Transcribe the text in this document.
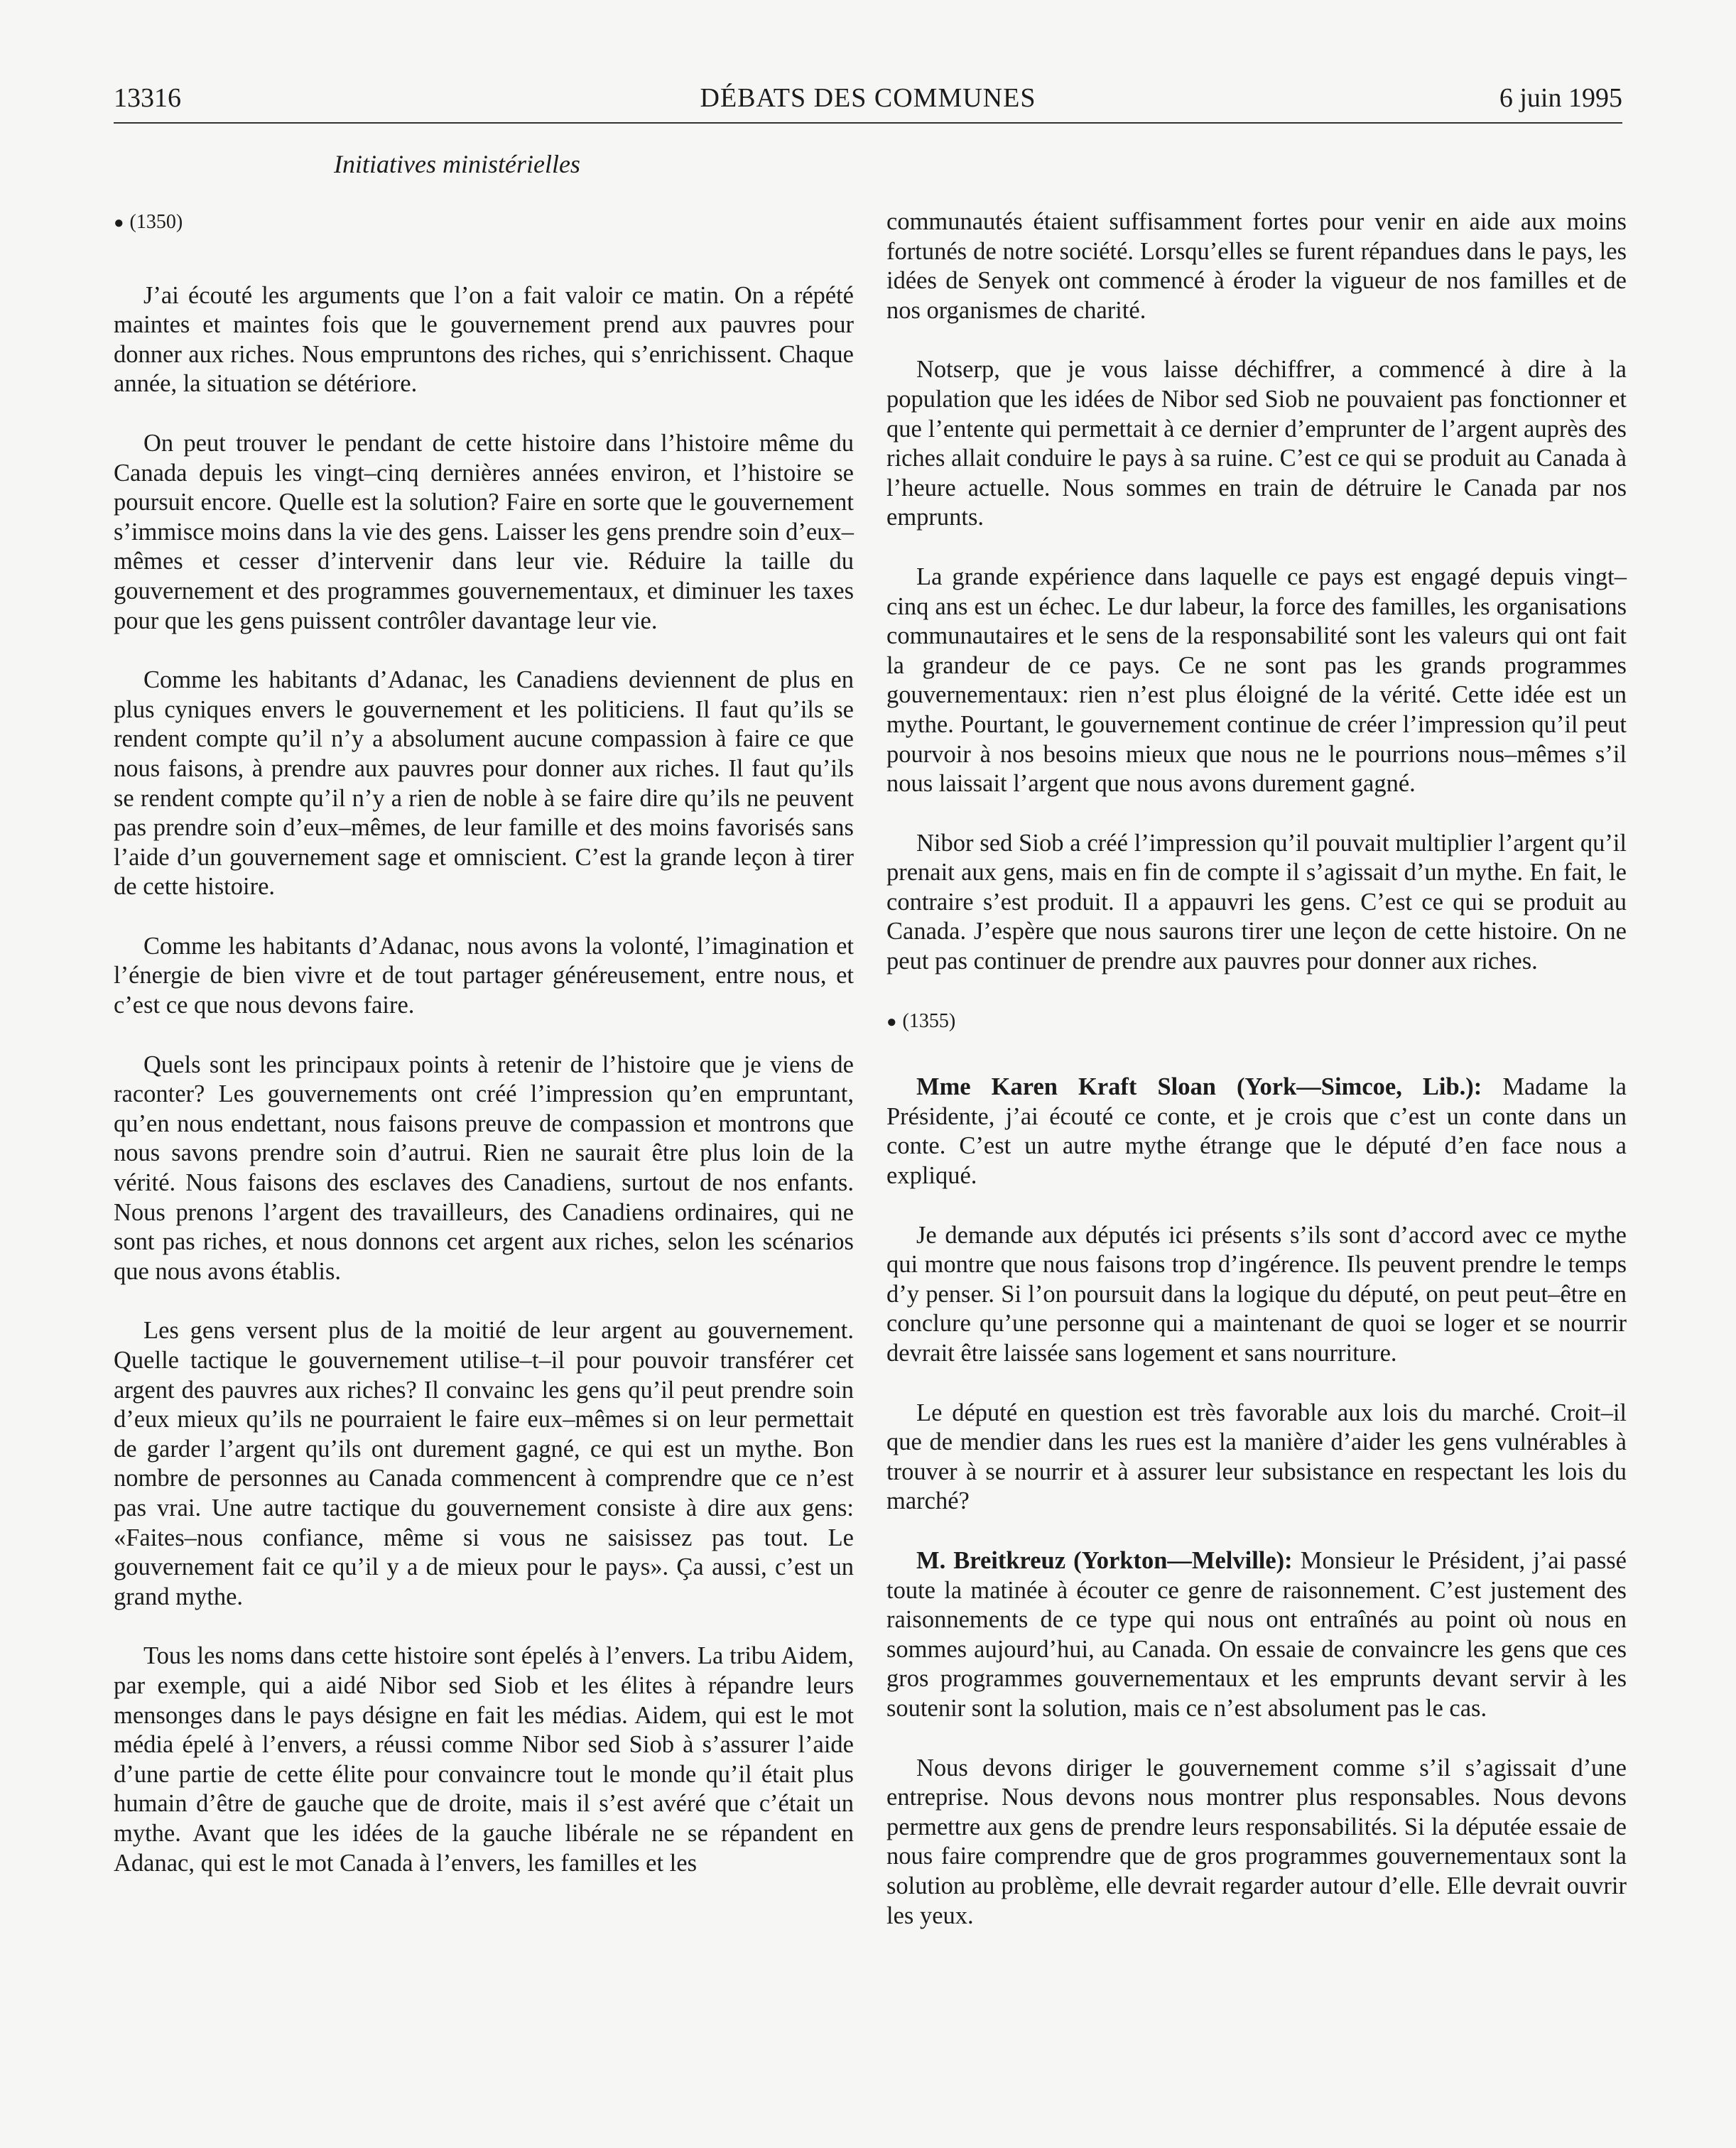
13316	DÉBATS DES COMMUNES	6 juin 1995
Initiatives ministérielles
● (1350)

J’ai écouté les arguments que l’on a fait valoir ce matin. On a répété maintes et maintes fois que le gouvernement prend aux pauvres pour donner aux riches. Nous empruntons des riches, qui s’enrichissent. Chaque année, la situation se détériore.

On peut trouver le pendant de cette histoire dans l’histoire même du Canada depuis les vingt–cinq dernières années environ, et l’histoire se poursuit encore. Quelle est la solution? Faire en sorte que le gouvernement s’immisce moins dans la vie des gens. Laisser les gens prendre soin d’eux–mêmes et cesser d’intervenir dans leur vie. Réduire la taille du gouvernement et des programmes gouvernementaux, et diminuer les taxes pour que les gens puissent contrôler davantage leur vie.

Comme les habitants d’Adanac, les Canadiens deviennent de plus en plus cyniques envers le gouvernement et les politiciens. Il faut qu’ils se rendent compte qu’il n’y a absolument aucune compassion à faire ce que nous faisons, à prendre aux pauvres pour donner aux riches. Il faut qu’ils se rendent compte qu’il n’y a rien de noble à se faire dire qu’ils ne peuvent pas prendre soin d’eux–mêmes, de leur famille et des moins favorisés sans l’aide d’un gouvernement sage et omniscient. C’est la grande leçon à tirer de cette histoire.

Comme les habitants d’Adanac, nous avons la volonté, l’imagination et l’énergie de bien vivre et de tout partager généreusement, entre nous, et c’est ce que nous devons faire.

Quels sont les principaux points à retenir de l’histoire que je viens de raconter? Les gouvernements ont créé l’impression qu’en empruntant, qu’en nous endettant, nous faisons preuve de compassion et montrons que nous savons prendre soin d’autrui. Rien ne saurait être plus loin de la vérité. Nous faisons des esclaves des Canadiens, surtout de nos enfants. Nous prenons l’argent des travailleurs, des Canadiens ordinaires, qui ne sont pas riches, et nous donnons cet argent aux riches, selon les scénarios que nous avons établis.

Les gens versent plus de la moitié de leur argent au gouvernement. Quelle tactique le gouvernement utilise–t–il pour pouvoir transférer cet argent des pauvres aux riches? Il convainc les gens qu’il peut prendre soin d’eux mieux qu’ils ne pourraient le faire eux–mêmes si on leur permettait de garder l’argent qu’ils ont durement gagné, ce qui est un mythe. Bon nombre de personnes au Canada commencent à comprendre que ce n’est pas vrai. Une autre tactique du gouvernement consiste à dire aux gens: «Faites–nous confiance, même si vous ne saisissez pas tout. Le gouvernement fait ce qu’il y a de mieux pour le pays». Ça aussi, c’est un grand mythe.

Tous les noms dans cette histoire sont épelés à l’envers. La tribu Aidem, par exemple, qui a aidé Nibor sed Siob et les élites à répandre leurs mensonges dans le pays désigne en fait les médias. Aidem, qui est le mot média épelé à l’envers, a réussi comme Nibor sed Siob à s’assurer l’aide d’une partie de cette élite pour convaincre tout le monde qu’il était plus humain d’être de gauche que de droite, mais il s’est avéré que c’était un mythe. Avant que les idées de la gauche libérale ne se répandent en Adanac, qui est le mot Canada à l’envers, les familles et les

communautés étaient suffisamment fortes pour venir en aide aux moins fortunés de notre société. Lorsqu’elles se furent répandues dans le pays, les idées de Senyek ont commencé à éroder la vigueur de nos familles et de nos organismes de charité.

Notserp, que je vous laisse déchiffrer, a commencé à dire à la population que les idées de Nibor sed Siob ne pouvaient pas fonctionner et que l’entente qui permettait à ce dernier d’emprunter de l’argent auprès des riches allait conduire le pays à sa ruine. C’est ce qui se produit au Canada à l’heure actuelle. Nous sommes en train de détruire le Canada par nos emprunts.

La grande expérience dans laquelle ce pays est engagé depuis vingt–cinq ans est un échec. Le dur labeur, la force des familles, les organisations communautaires et le sens de la responsabilité sont les valeurs qui ont fait la grandeur de ce pays. Ce ne sont pas les grands programmes gouvernementaux: rien n’est plus éloigné de la vérité. Cette idée est un mythe. Pourtant, le gouvernement continue de créer l’impression qu’il peut pourvoir à nos besoins mieux que nous ne le pourrions nous–mêmes s’il nous laissait l’argent que nous avons durement gagné.

Nibor sed Siob a créé l’impression qu’il pouvait multiplier l’argent qu’il prenait aux gens, mais en fin de compte il s’agissait d’un mythe. En fait, le contraire s’est produit. Il a appauvri les gens. C’est ce qui se produit au Canada. J’espère que nous saurons tirer une leçon de cette histoire. On ne peut pas continuer de prendre aux pauvres pour donner aux riches.

● (1355)

Mme Karen Kraft Sloan (York—Simcoe, Lib.): Madame la Présidente, j’ai écouté ce conte, et je crois que c’est un conte dans un conte. C’est un autre mythe étrange que le député d’en face nous a expliqué.

Je demande aux députés ici présents s’ils sont d’accord avec ce mythe qui montre que nous faisons trop d’ingérence. Ils peuvent prendre le temps d’y penser. Si l’on poursuit dans la logique du député, on peut peut–être en conclure qu’une personne qui a maintenant de quoi se loger et se nourrir devrait être laissée sans logement et sans nourriture.

Le député en question est très favorable aux lois du marché. Croit–il que de mendier dans les rues est la manière d’aider les gens vulnérables à trouver à se nourrir et à assurer leur subsistance en respectant les lois du marché?

M. Breitkreuz (Yorkton—Melville): Monsieur le Président, j’ai passé toute la matinée à écouter ce genre de raisonnement. C’est justement des raisonnements de ce type qui nous ont entraînés au point où nous en sommes aujourd’hui, au Canada. On essaie de convaincre les gens que ces gros programmes gouvernementaux et les emprunts devant servir à les soutenir sont la solution, mais ce n’est absolument pas le cas.

Nous devons diriger le gouvernement comme s’il s’agissait d’une entreprise. Nous devons nous montrer plus responsables. Nous devons permettre aux gens de prendre leurs responsabilités. Si la députée essaie de nous faire comprendre que de gros programmes gouvernementaux sont la solution au problème, elle devrait regarder autour d’elle. Elle devrait ouvrir les yeux.
